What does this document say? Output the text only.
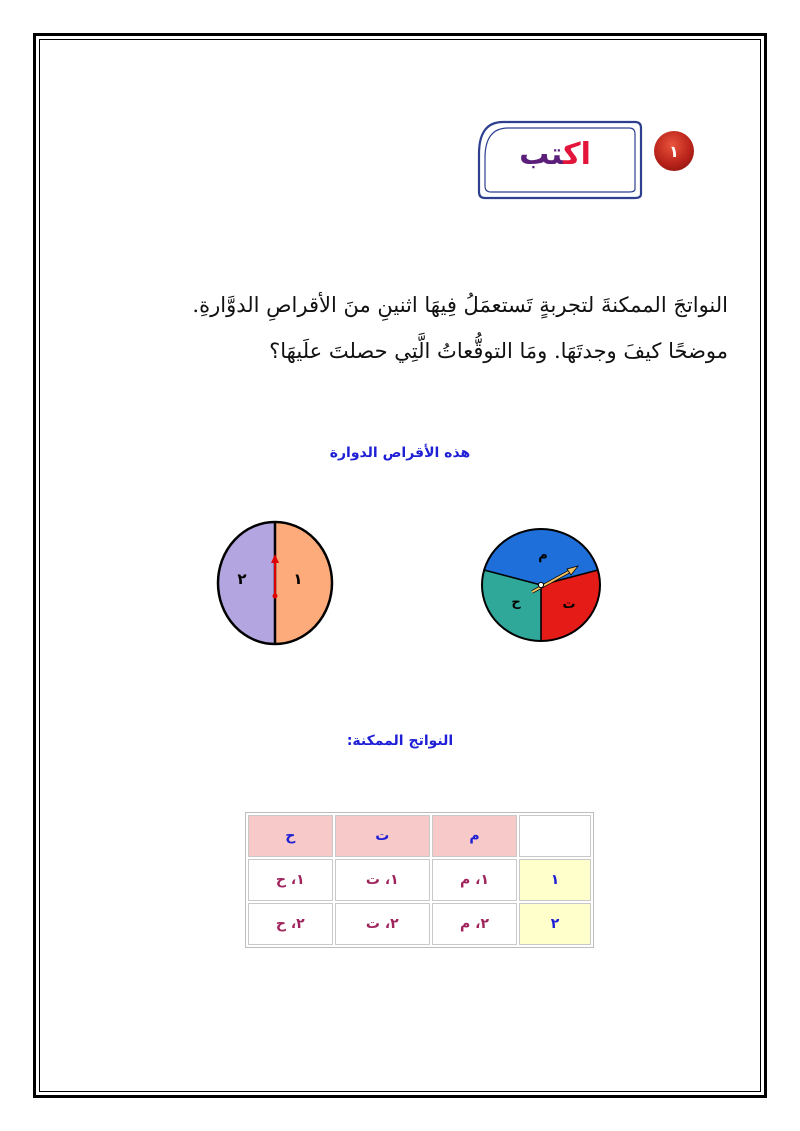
١
اكتب
النواتجَ الممكنةَ لتجربةٍ تَستعمَلُ فِيهَا اثنينِ منَ الأقراصِ الدوَّارةِ.
موضحًا كيفَ وجدتَهَا. ومَا التوقُّعاتُ الَّتِي حصلتَ علَيهَا؟
هذه الأقراص الدوارة
١
٢
م
ت
ح
النواتج الممكنة:
	م	ت	ح
١	١، م	١، ت	١، ح
٢	٢، م	٢، ت	٢، ح
